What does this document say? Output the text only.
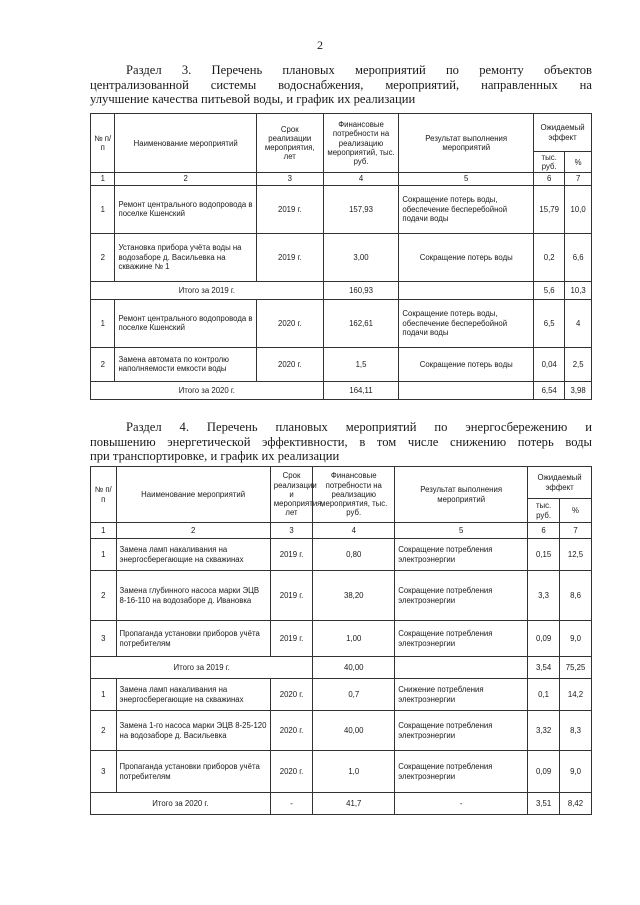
2
Раздел 3. Перечень плановых мероприятий по ремонту объектов
централизованной системы водоснабжения, мероприятий, направленных на
улучшение качества питьевой воды, и график их реализации
№ п/п	Наименование мероприятий	Срок реализации мероприятия, лет	Финансовые потребности на реализацию мероприятий, тыс. руб.	Результат выполнения мероприятий	Ожидаемый эффект	
					тыс. руб.	%
1	2	3	4	5	6	7
1	Ремонт центрального водопровода в поселке Кшенский	2019 г.	157,93	Сокращение потерь воды, обеспечение бесперебойной подачи воды	15,79	10,0
2	Установка прибора учёта воды на водозаборе д. Васильевка на скважине № 1	2019 г.	3,00	Сокращение потерь воды	0,2	6,6
Итого за 2019 г.			160,93		5,6	10,3
1	Ремонт центрального водопровода в поселке Кшенский	2020 г.	162,61	Сокращение потерь воды, обеспечение бесперебойной подачи воды	6,5	4
2	Замена автомата по контролю наполняемости емкости воды	2020 г.	1,5	Сокращение потерь воды	0,04	2,5
Итого за 2020 г.			164,11		6,54	3,98
Раздел 4. Перечень плановых мероприятий по энергосбережению и
повышению энергетической эффективности, в том числе снижению потерь воды
при транспортировке, и график их реализации
№ п/п	Наименование мероприятий	Срок реализации и мероприятия, лет	Финансовые потребности на реализацию мероприятия, тыс. руб.	Результат выполнения мероприятий	Ожидаемый эффект	
					тыс. руб.	%
1	2	3	4	5	6	7
1	Замена ламп накаливания на энергосберегающие на скважинах	2019 г.	0,80	Сокращение потребления электроэнергии	0,15	12,5
2	Замена глубинного насоса марки ЭЦВ 8-16-110 на водозаборе д. Ивановка	2019 г.	38,20	Сокращение потребления электроэнергии	3,3	8,6
3	Пропаганда установки приборов учёта потребителям	2019 г.	1,00	Сокращение потребления электроэнергии	0,09	9,0
Итого за 2019 г.			40,00		3,54	75,25
1	Замена ламп накаливания на энергосберегающие на скважинах	2020 г.	0,7	Снижение потребления электроэнергии	0,1	14,2
2	Замена 1-го насоса марки ЭЦВ 8-25-120 на водозаборе д. Васильевка	2020 г.	40,00	Сокращение потребления электроэнергии	3,32	8,3
3	Пропаганда установки приборов учёта потребителям	2020 г.	1,0	Сокращение потребления электроэнергии	0,09	9,0
Итого за 2020 г.		-	41,7	-	3,51	8,42
